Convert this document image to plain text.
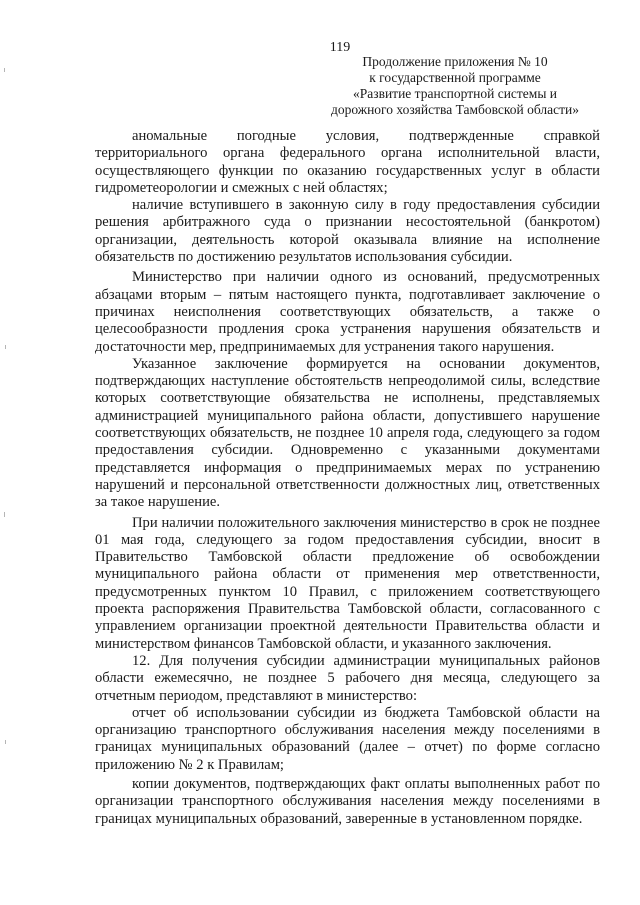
119
Продолжение приложения № 10
к государственной программе
«Развитие транспортной системы и
дорожного хозяйства Тамбовской области»

аномальные погодные условия, подтвержденные справкой территориального органа федерального органа исполнительной власти, осуществляющего функции по оказанию государственных услуг в области гидрометеорологии и смежных с ней областях;

наличие вступившего в законную силу в году предоставления субсидии решения арбитражного суда о признании несостоятельной (банкротом) организации, деятельность которой оказывала влияние на исполнение обязательств по достижению результатов использования субсидии.

Министерство при наличии одного из оснований, предусмотренных абзацами вторым – пятым настоящего пункта, подготавливает заключение о причинах неисполнения соответствующих обязательств, а также о целесообразности продления срока устранения нарушения обязательств и достаточности мер, предпринимаемых для устранения такого нарушения.

Указанное заключение формируется на основании документов, подтверждающих наступление обстоятельств непреодолимой силы, вследствие которых соответствующие обязательства не исполнены, представляемых администрацией муниципального района области, допустившего нарушение соответствующих обязательств, не позднее 10 апреля года, следующего за годом предоставления субсидии. Одновременно с указанными документами представляется информация о предпринимаемых мерах по устранению нарушений и персональной ответственности должностных лиц, ответственных за такое нарушение.

При наличии положительного заключения министерство в срок не позднее 01 мая года, следующего за годом предоставления субсидии, вносит в Правительство Тамбовской области предложение об освобождении муниципального района области от применения мер ответственности, предусмотренных пунктом 10 Правил, с приложением соответствующего проекта распоряжения Правительства Тамбовской области, согласованного с управлением организации проектной деятельности Правительства области и министерством финансов Тамбовской области, и указанного заключения.

12. Для получения субсидии администрации муниципальных районов области ежемесячно, не позднее 5 рабочего дня месяца, следующего за отчетным периодом, представляют в министерство:

отчет об использовании субсидии из бюджета Тамбовской области на организацию транспортного обслуживания населения между поселениями в границах муниципальных образований (далее – отчет) по форме согласно приложению № 2 к Правилам;

копии документов, подтверждающих факт оплаты выполненных работ по организации транспортного обслуживания населения между поселениями в границах муниципальных образований, заверенные в установленном порядке.
